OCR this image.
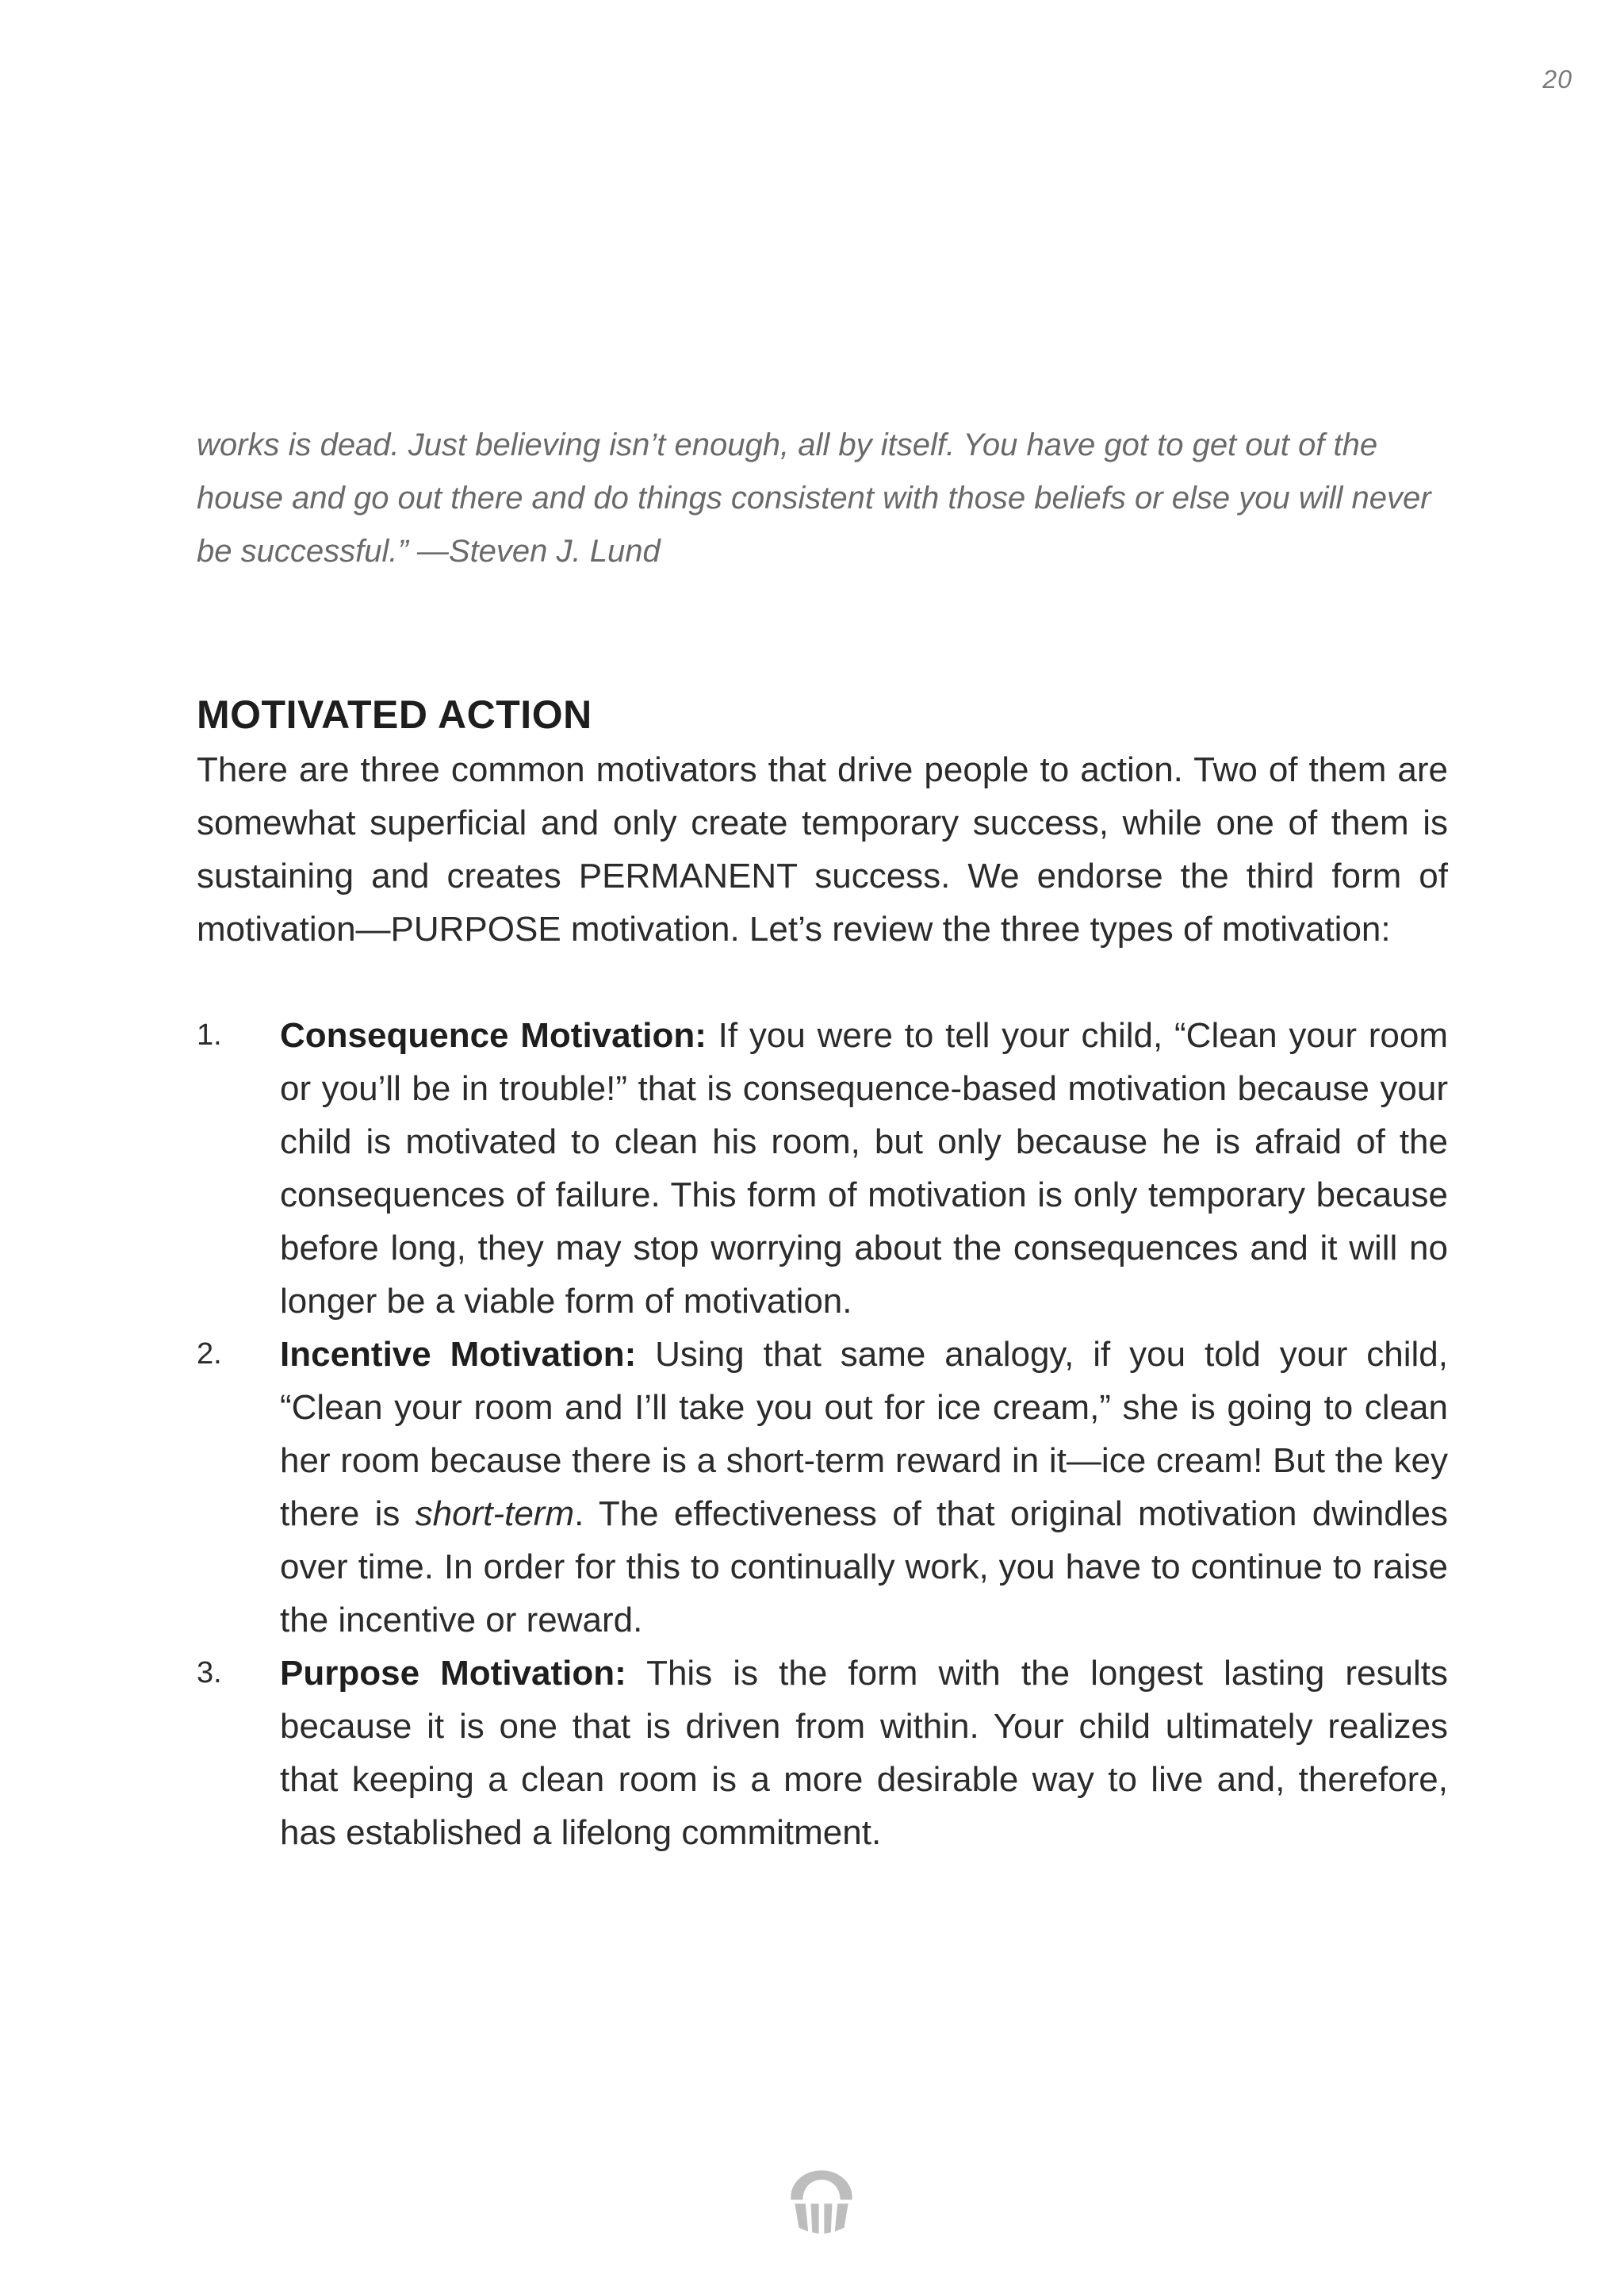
20

works is dead. Just believing isn’t enough, all by itself. You have got to get out of the house and go out there and do things consistent with those beliefs or else you will never be successful.” —Steven J. Lund

MOTIVATED ACTION

There are three common motivators that drive people to action. Two of them are somewhat superficial and only create temporary success, while one of them is sustaining and creates PERMANENT success. We endorse the third form of motivation—PURPOSE motivation. Let’s review the three types of motivation:

1. Consequence Motivation: If you were to tell your child, “Clean your room or you’ll be in trouble!” that is consequence-based motivation because your child is motivated to clean his room, but only because he is afraid of the consequences of failure. This form of motivation is only temporary because before long, they may stop worrying about the consequences and it will no longer be a viable form of motivation.
2. Incentive Motivation: Using that same analogy, if you told your child, “Clean your room and I’ll take you out for ice cream,” she is going to clean her room because there is a short-term reward in it—ice cream! But the key there is short-term. The effectiveness of that original motivation dwindles over time. In order for this to continually work, you have to continue to raise the incentive or reward.
3. Purpose Motivation: This is the form with the longest lasting results because it is one that is driven from within. Your child ultimately realizes that keeping a clean room is a more desirable way to live and, therefore, has established a lifelong commitment.
